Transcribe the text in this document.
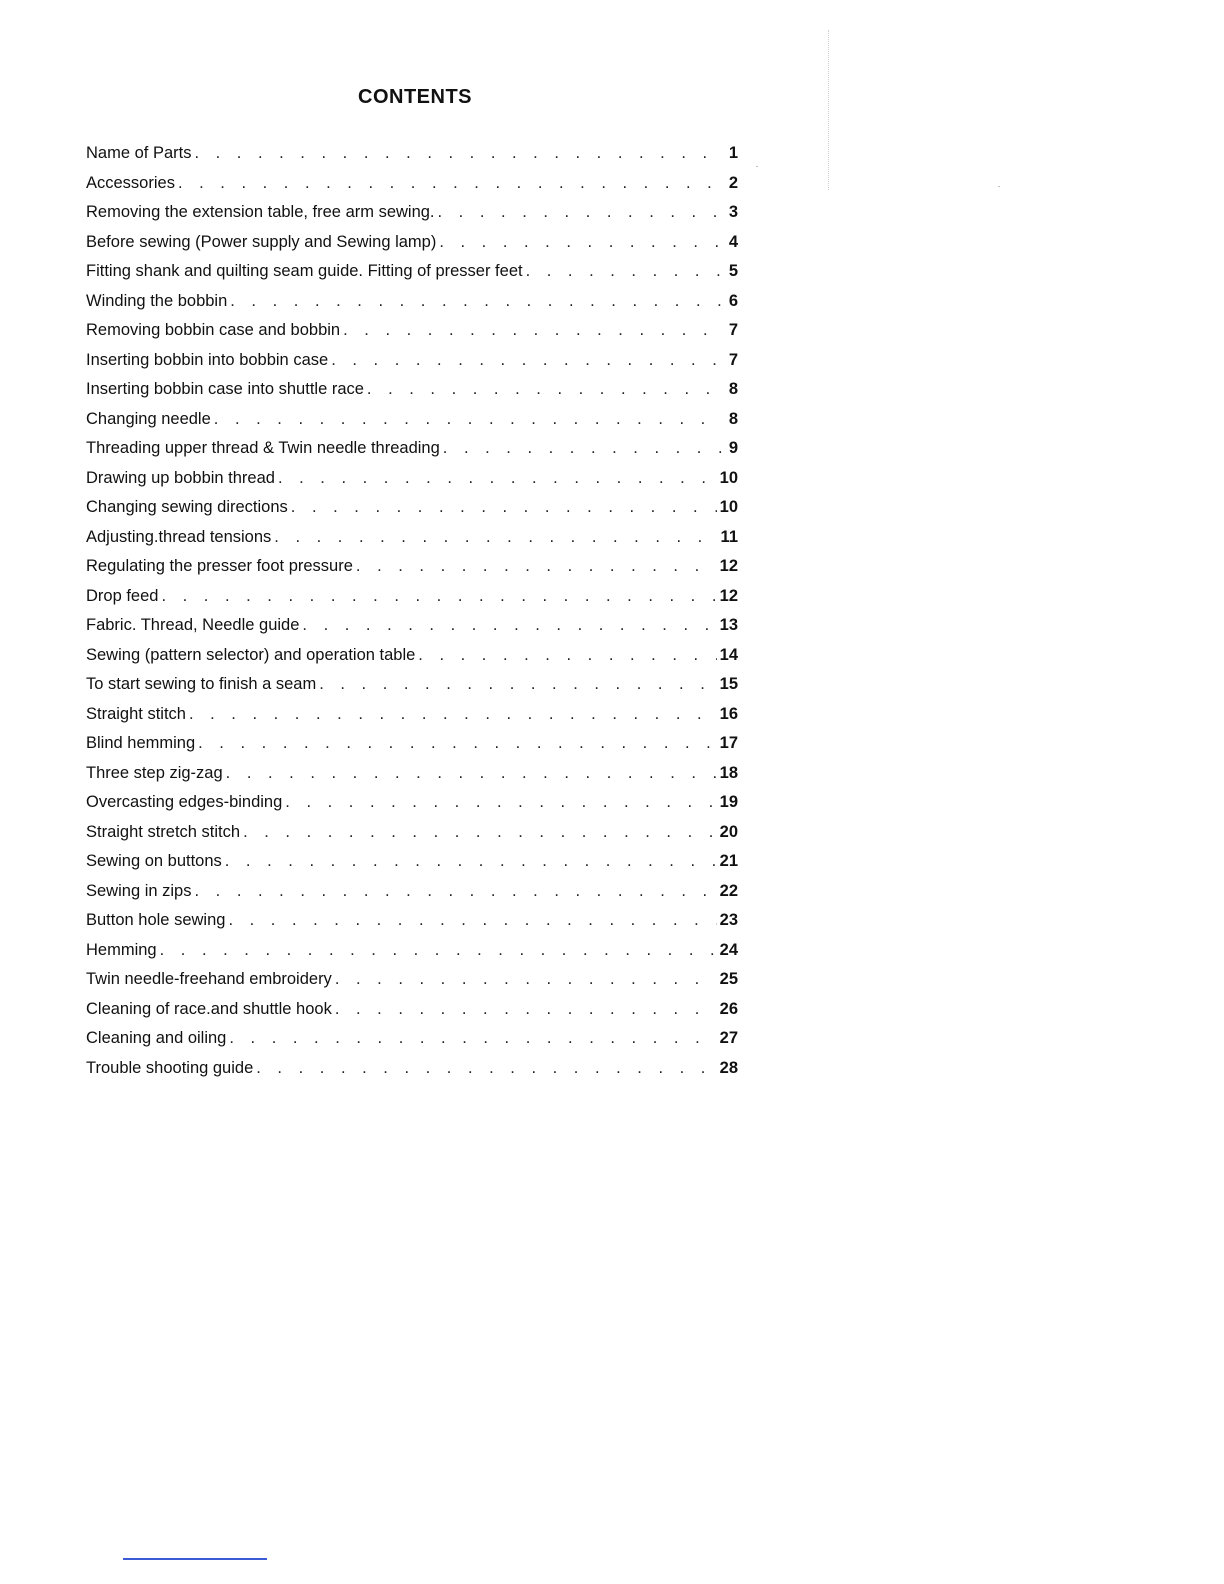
CONTENTS
Name of Parts . . .	1
Accessories . . .	2
Removing the extension table, free arm sewing. . . .	3
Before sewing (Power supply and Sewing lamp) . . .	4
Fitting shank and quilting seam guide. Fitting of presser feet . . .	5
Winding the bobbin . . .	6
Removing bobbin case and bobbin . . .	7
Inserting bobbin into bobbin case . . .	7
Inserting bobbin case into shuttle race . . .	8
Changing needle . . .	8
Threading upper thread & Twin needle threading . . .	9
Drawing up bobbin thread . . .	10
Changing sewing directions . . .	10
Adjusting.thread tensions . . .	11
Regulating the presser foot pressure . . .	12
Drop feed . . .	12
Fabric. Thread, Needle guide . . .	13
Sewing (pattern selector) and operation table . . .	14
To start sewing to finish a seam . . .	15
Straight stitch . . .	16
Blind hemming . . .	17
Three step zig-zag . . .	18
Overcasting edges-binding . . .	19
Straight stretch stitch . . .	20
Sewing on buttons . . .	21
Sewing in zips . . .	22
Button hole sewing . . .	23
Hemming . . .	24
Twin needle-freehand embroidery . . .	25
Cleaning of race.and shuttle hook . . .	26
Cleaning and oiling . . .	27
Trouble shooting guide . . .	28
